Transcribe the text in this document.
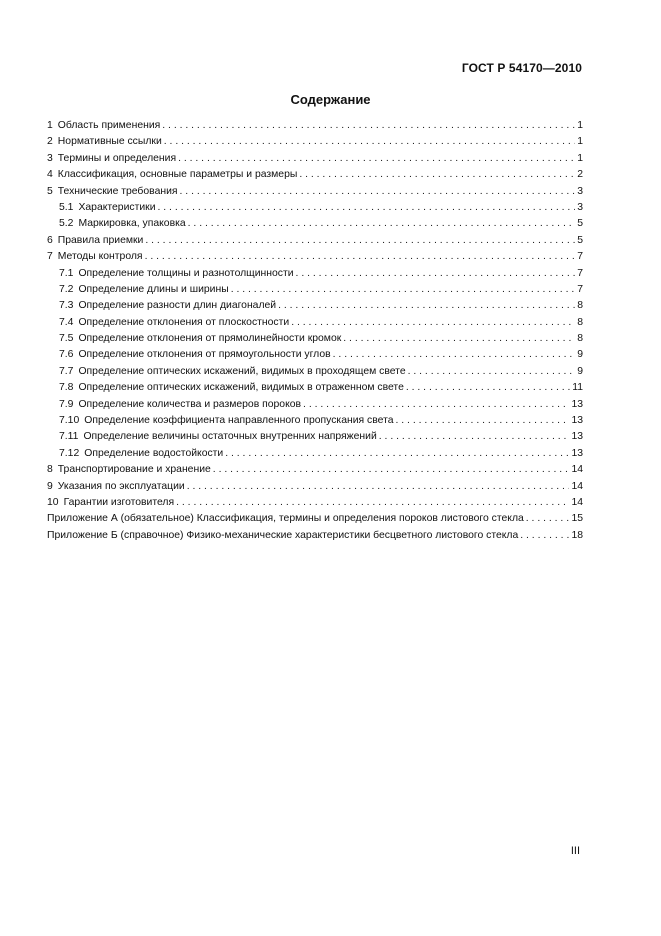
ГОСТ Р 54170—2010
Содержание
1 Область применения . . .	1
2 Нормативные ссылки . . .	1
3 Термины и определения . . .	1
4 Классификация, основные параметры и размеры . . .	2
5 Технические требования . . .	3
5.1 Характеристики . . .	3
5.2 Маркировка, упаковка . . .	5
6 Правила приемки . . .	5
7 Методы контроля . . .	7
7.1 Определение толщины и разнотолщинности . . .	7
7.2 Определение длины и ширины . . .	7
7.3 Определение разности длин диагоналей . . .	8
7.4 Определение отклонения от плоскостности . . .	8
7.5 Определение отклонения от прямолинейности кромок . . .	8
7.6 Определение отклонения от прямоугольности углов . . .	9
7.7 Определение оптических искажений, видимых в проходящем свете . . .	9
7.8 Определение оптических искажений, видимых в отраженном свете . . .	11
7.9 Определение количества и размеров пороков . . .	13
7.10 Определение коэффициента направленного пропускания света . . .	13
7.11 Определение величины остаточных внутренних напряжений . . .	13
7.12 Определение водостойкости . . .	13
8 Транспортирование и хранение . . .	14
9 Указания по эксплуатации . . .	14
10 Гарантии изготовителя . . .	14
Приложение А (обязательное) Классификация, термины и определения пороков листового стекла . . .	15
Приложение Б (справочное) Физико-механические характеристики бесцветного листового стекла . . .	18
III
